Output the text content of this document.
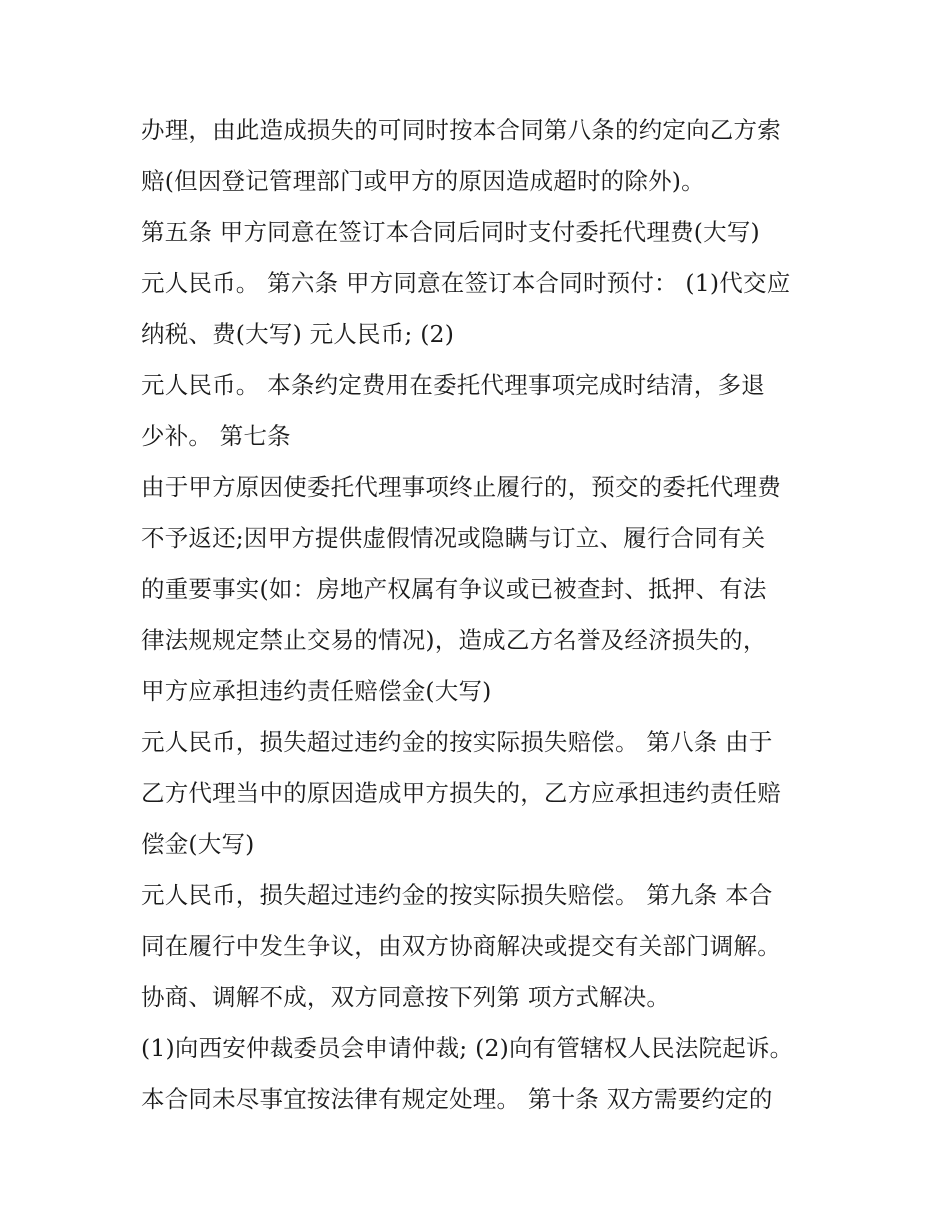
办理，由此造成损失的可同时按本合同第八条的约定向乙方索
赔(但因登记管理部门或甲方的原因造成超时的除外)。
第五条 甲方同意在签订本合同后同时支付委托代理费(大写)
元人民币。 第六条 甲方同意在签订本合同时预付： (1)代交应
纳税、费(大写) 元人民币; (2)
元人民币。 本条约定费用在委托代理事项完成时结清，多退
少补。 第七条
由于甲方原因使委托代理事项终止履行的，预交的委托代理费
不予返还;因甲方提供虚假情况或隐瞒与订立、履行合同有关
的重要事实(如：房地产权属有争议或已被查封、抵押、有法
律法规规定禁止交易的情况)，造成乙方名誉及经济损失的，
甲方应承担违约责任赔偿金(大写)
元人民币，损失超过违约金的按实际损失赔偿。 第八条 由于
乙方代理当中的原因造成甲方损失的，乙方应承担违约责任赔
偿金(大写)
元人民币，损失超过违约金的按实际损失赔偿。 第九条 本合
同在履行中发生争议，由双方协商解决或提交有关部门调解。
协商、调解不成，双方同意按下列第 项方式解决。
(1)向西安仲裁委员会申请仲裁; (2)向有管辖权人民法院起诉。
本合同未尽事宜按法律有规定处理。 第十条 双方需要约定的
